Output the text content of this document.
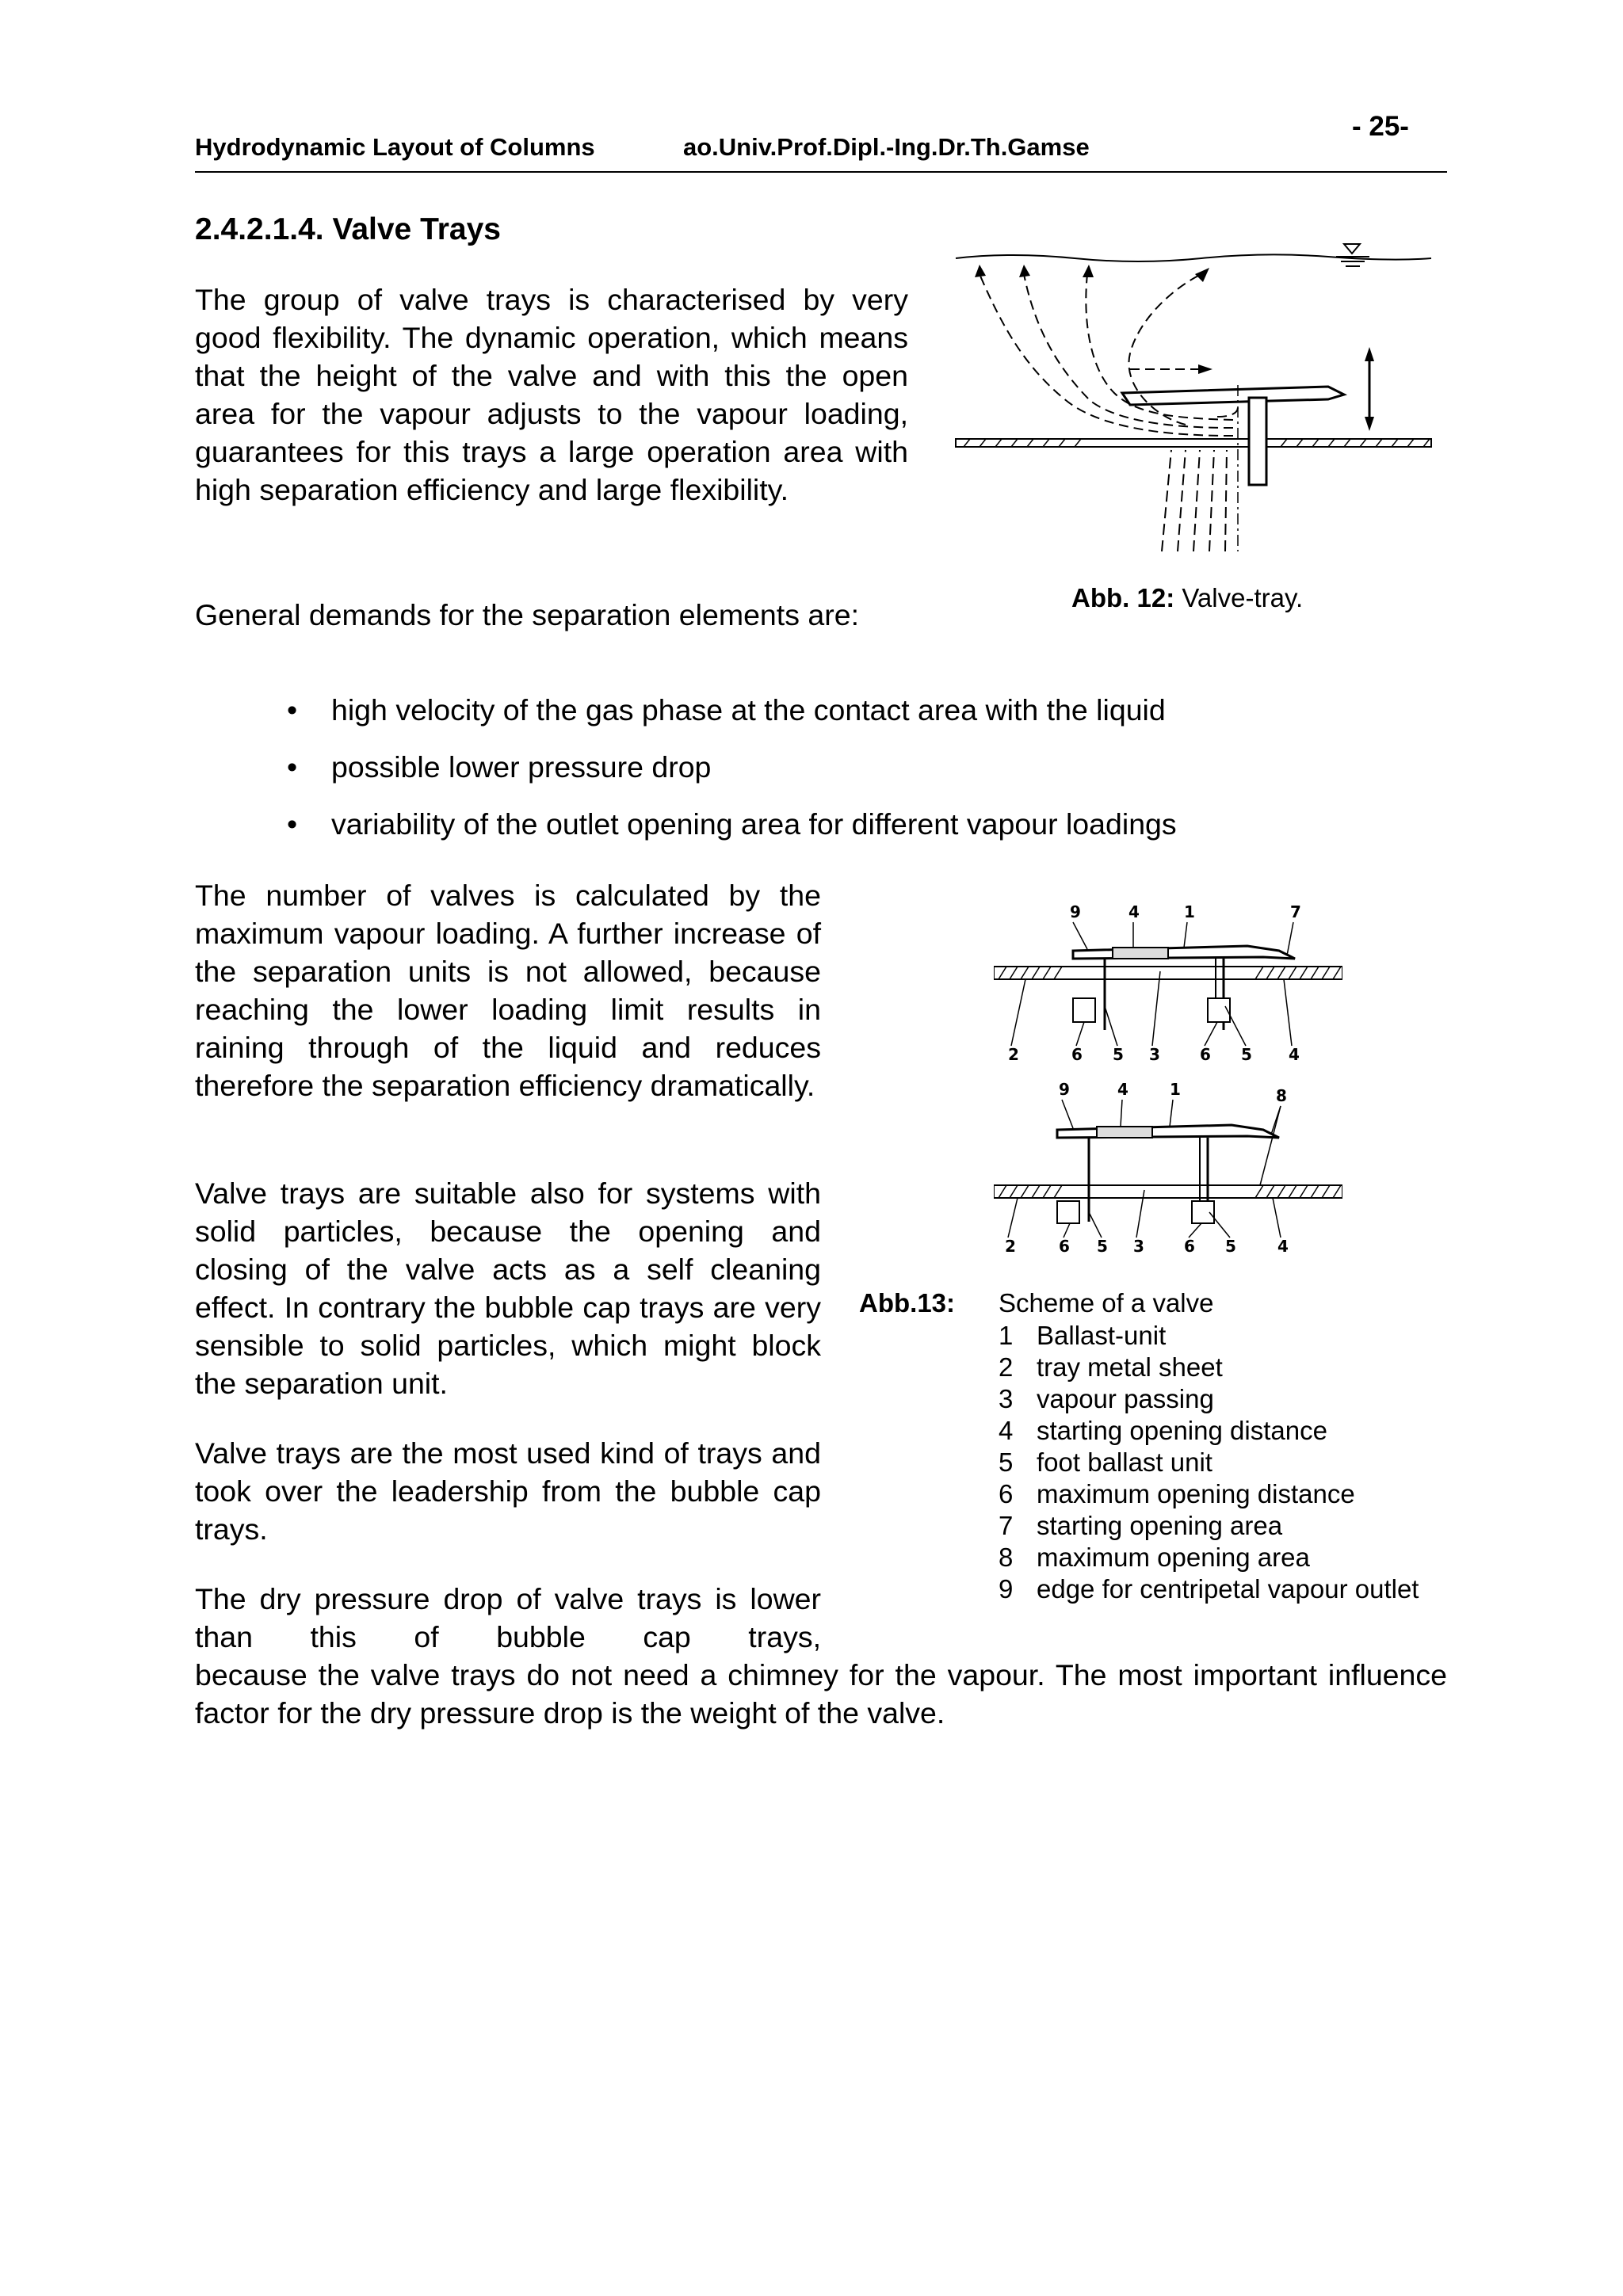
Hydrodynamic Layout of Columns	ao.Univ.Prof.Dipl.-Ing.Dr.Th.Gamse
- 25-
2.4.2.1.4. Valve Trays
The group of valve trays is characterised by very good flexibility. The dynamic operation, which means that the height of the valve and with this the open area for the vapour adjusts to the vapour loading, guarantees for this trays a large operation area with high separation efficiency and large flexibility.
General demands for the separation elements are:
• high velocity of the gas phase at the contact area with the liquid
• possible lower pressure drop
• variability of the outlet opening area for different vapour loadings
The number of valves is calculated by the maximum vapour loading. A further increase of the separation units is not allowed, because reaching the lower loading limit results in raining through of the liquid and reduces therefore the separation efficiency dramatically.
Valve trays are suitable also for systems with solid particles, because the opening and closing of the valve acts as a self cleaning effect. In contrary the bubble cap trays are very sensible to solid particles, which might block the separation unit.
Valve trays are the most used kind of trays and took over the leadership from the bubble cap trays.
The dry pressure drop of valve trays is lower than this of bubble cap trays,
because the valve trays do not need a chimney for the vapour. The most important influence factor for the dry pressure drop is the weight of the valve.
Abb. 12: Valve-tray.
9	4	1	7
2	6 5 3	6 5 4
9	4	1	8
2	6 5 3	6 5	4
Abb.13: Scheme of a valve
1 Ballast-unit
2 tray metal sheet
3 vapour passing
4 starting opening distance
5 foot ballast unit
6 maximum opening distance
7 starting opening area
8 maximum opening area
9 edge for centripetal vapour outlet
